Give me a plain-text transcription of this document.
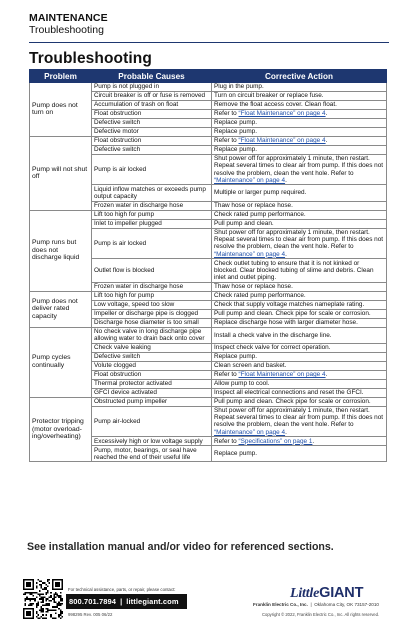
MAINTENANCE
Troubleshooting
Troubleshooting
Problem	Probable Causes	Corrective Action
Pump does not turn on	Pump is not plugged in	Plug in the pump.
	Circuit breaker is off or fuse is removed	Turn on circuit breaker or replace fuse.
	Accumulation of trash on float	Remove the float access cover. Clean float.
	Float obstruction	Refer to “Float Maintenance” on page 4.
	Defective switch	Replace pump.
	Defective motor	Replace pump.
Pump will not shut off	Float obstruction	Refer to “Float Maintenance” on page 4.
	Defective switch	Replace pump.
	Pump is air locked	Shut power off for approximately 1 minute, then restart. Repeat several times to clear air from pump. If this does not resolve the problem, clean the vent hole. Refer to “Maintenance” on page 4.
	Liquid inflow matches or exceeds pump output capacity	Multiple or larger pump required.
	Frozen water in discharge hose	Thaw hose or replace hose.
Pump runs but does not discharge liquid	Lift too high for pump	Check rated pump performance.
	Inlet to impeller plugged	Pull pump and clean.
	Pump is air locked	Shut power off for approximately 1 minute, then restart. Repeat several times to clear air from pump. If this does not resolve the problem, clean the vent hole. Refer to “Maintenance” on page 4.
	Outlet flow is blocked	Check outlet tubing to ensure that it is not kinked or blocked. Clear blocked tubing of slime and debris. Clean inlet and outlet piping.
	Frozen water in discharge hose	Thaw hose or replace hose.
Pump does not deliver rated capacity	Lift too high for pump	Check rated pump performance.
	Low voltage, speed too slow	Check that supply voltage matches nameplate rating.
	Impeller or discharge pipe is clogged	Pull pump and clean. Check pipe for scale or corrosion.
	Discharge hose diameter is too small	Replace discharge hose with larger diameter hose.
Pump cycles continually	No check valve in long discharge pipe allowing water to drain back onto cover	Install a check valve in the discharge line.
	Check valve leaking	Inspect check valve for correct operation.
	Defective switch	Replace pump.
	Volute clogged	Clean screen and basket.
	Float obstruction	Refer to “Float Maintenance” on page 4.
	Thermal protector activated	Allow pump to cool.
	GFCI device activated	Inspect all electrical connections and reset the GFCI.
Protector tripping (motor overload-ing/overheating)	Obstructed pump impeller	Pull pump and clean. Check pipe for scale or corrosion.
	Pump air-locked	Shut power off for approximately 1 minute, then restart. Repeat several times to clear air from pump. If this does not resolve the problem, clean the vent hole. Refer to “Maintenance” on page 4.
	Excessively high or low voltage supply	Refer to “Specifications” on page 1.
	Pump, motor, bearings, or seal have reached the end of their useful life	Replace pump.
See installation manual and/or video for referenced sections.
For technical assistance, parts, or repair, please contact:
800.701.7894 | littlegiant.com
998295 Rev. 005 06/22
LittleGIANT
Franklin Electric Co., Inc.  |  Oklahoma City, OK 73157-2010
Copyright © 2022, Franklin Electric Co., Inc. All rights reserved.
